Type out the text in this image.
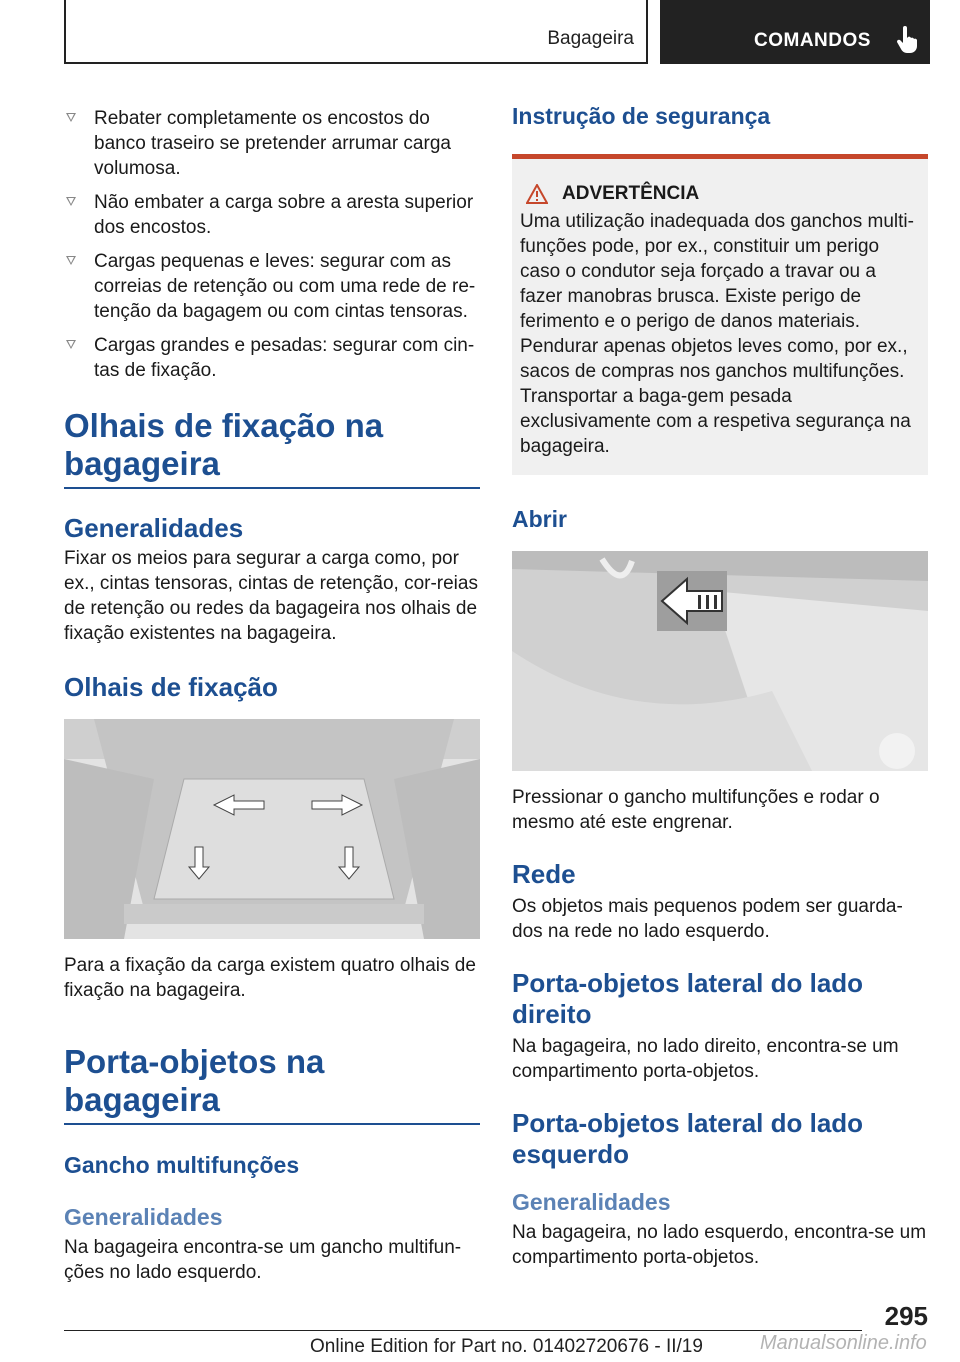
Bagageira	COMANDOS
Rebater completamente os encostos do banco traseiro se pretender arrumar carga volumosa.
Não embater a carga sobre a aresta superior dos encostos.
Cargas pequenas e leves: segurar com as correias de retenção ou com uma rede de re-tenção da bagagem ou com cintas tensoras.
Cargas grandes e pesadas: segurar com cin-tas de fixação.
Olhais de fixação na bagageira
Generalidades

Fixar os meios para segurar a carga como, por ex., cintas tensoras, cintas de retenção, cor-reias de retenção ou redes da bagageira nos olhais de fixação existentes na bagageira.

Olhais de fixação

Para a fixação da carga existem quatro olhais de fixação na bagageira.

Porta-objetos na bagageira
Gancho multifunções
Generalidades

Na bagageira encontra-se um gancho multifun-ções no lado esquerdo.

Instrução de segurança
ADVERTÊNCIA

Uma utilização inadequada dos ganchos multi-funções pode, por ex., constituir um perigo caso o condutor seja forçado a travar ou a fazer manobras brusca. Existe perigo de ferimento e o perigo de danos materiais. Pendurar apenas objetos leves como, por ex., sacos de compras nos ganchos multifunções. Transportar a baga-gem pesada exclusivamente com a respetiva segurança na bagageira.

Abrir

Pressionar o gancho multifunções e rodar o mesmo até este engrenar.

Rede

Os objetos mais pequenos podem ser guarda-dos na rede no lado esquerdo.

Porta-objetos lateral do lado direito

Na bagageira, no lado direito, encontra-se um compartimento porta-objetos.

Porta-objetos lateral do lado esquerdo
Generalidades

Na bagageira, no lado esquerdo, encontra-se um compartimento porta-objetos.

295
Online Edition for Part no. 01402720676 - II/19	Manualsonline.info
